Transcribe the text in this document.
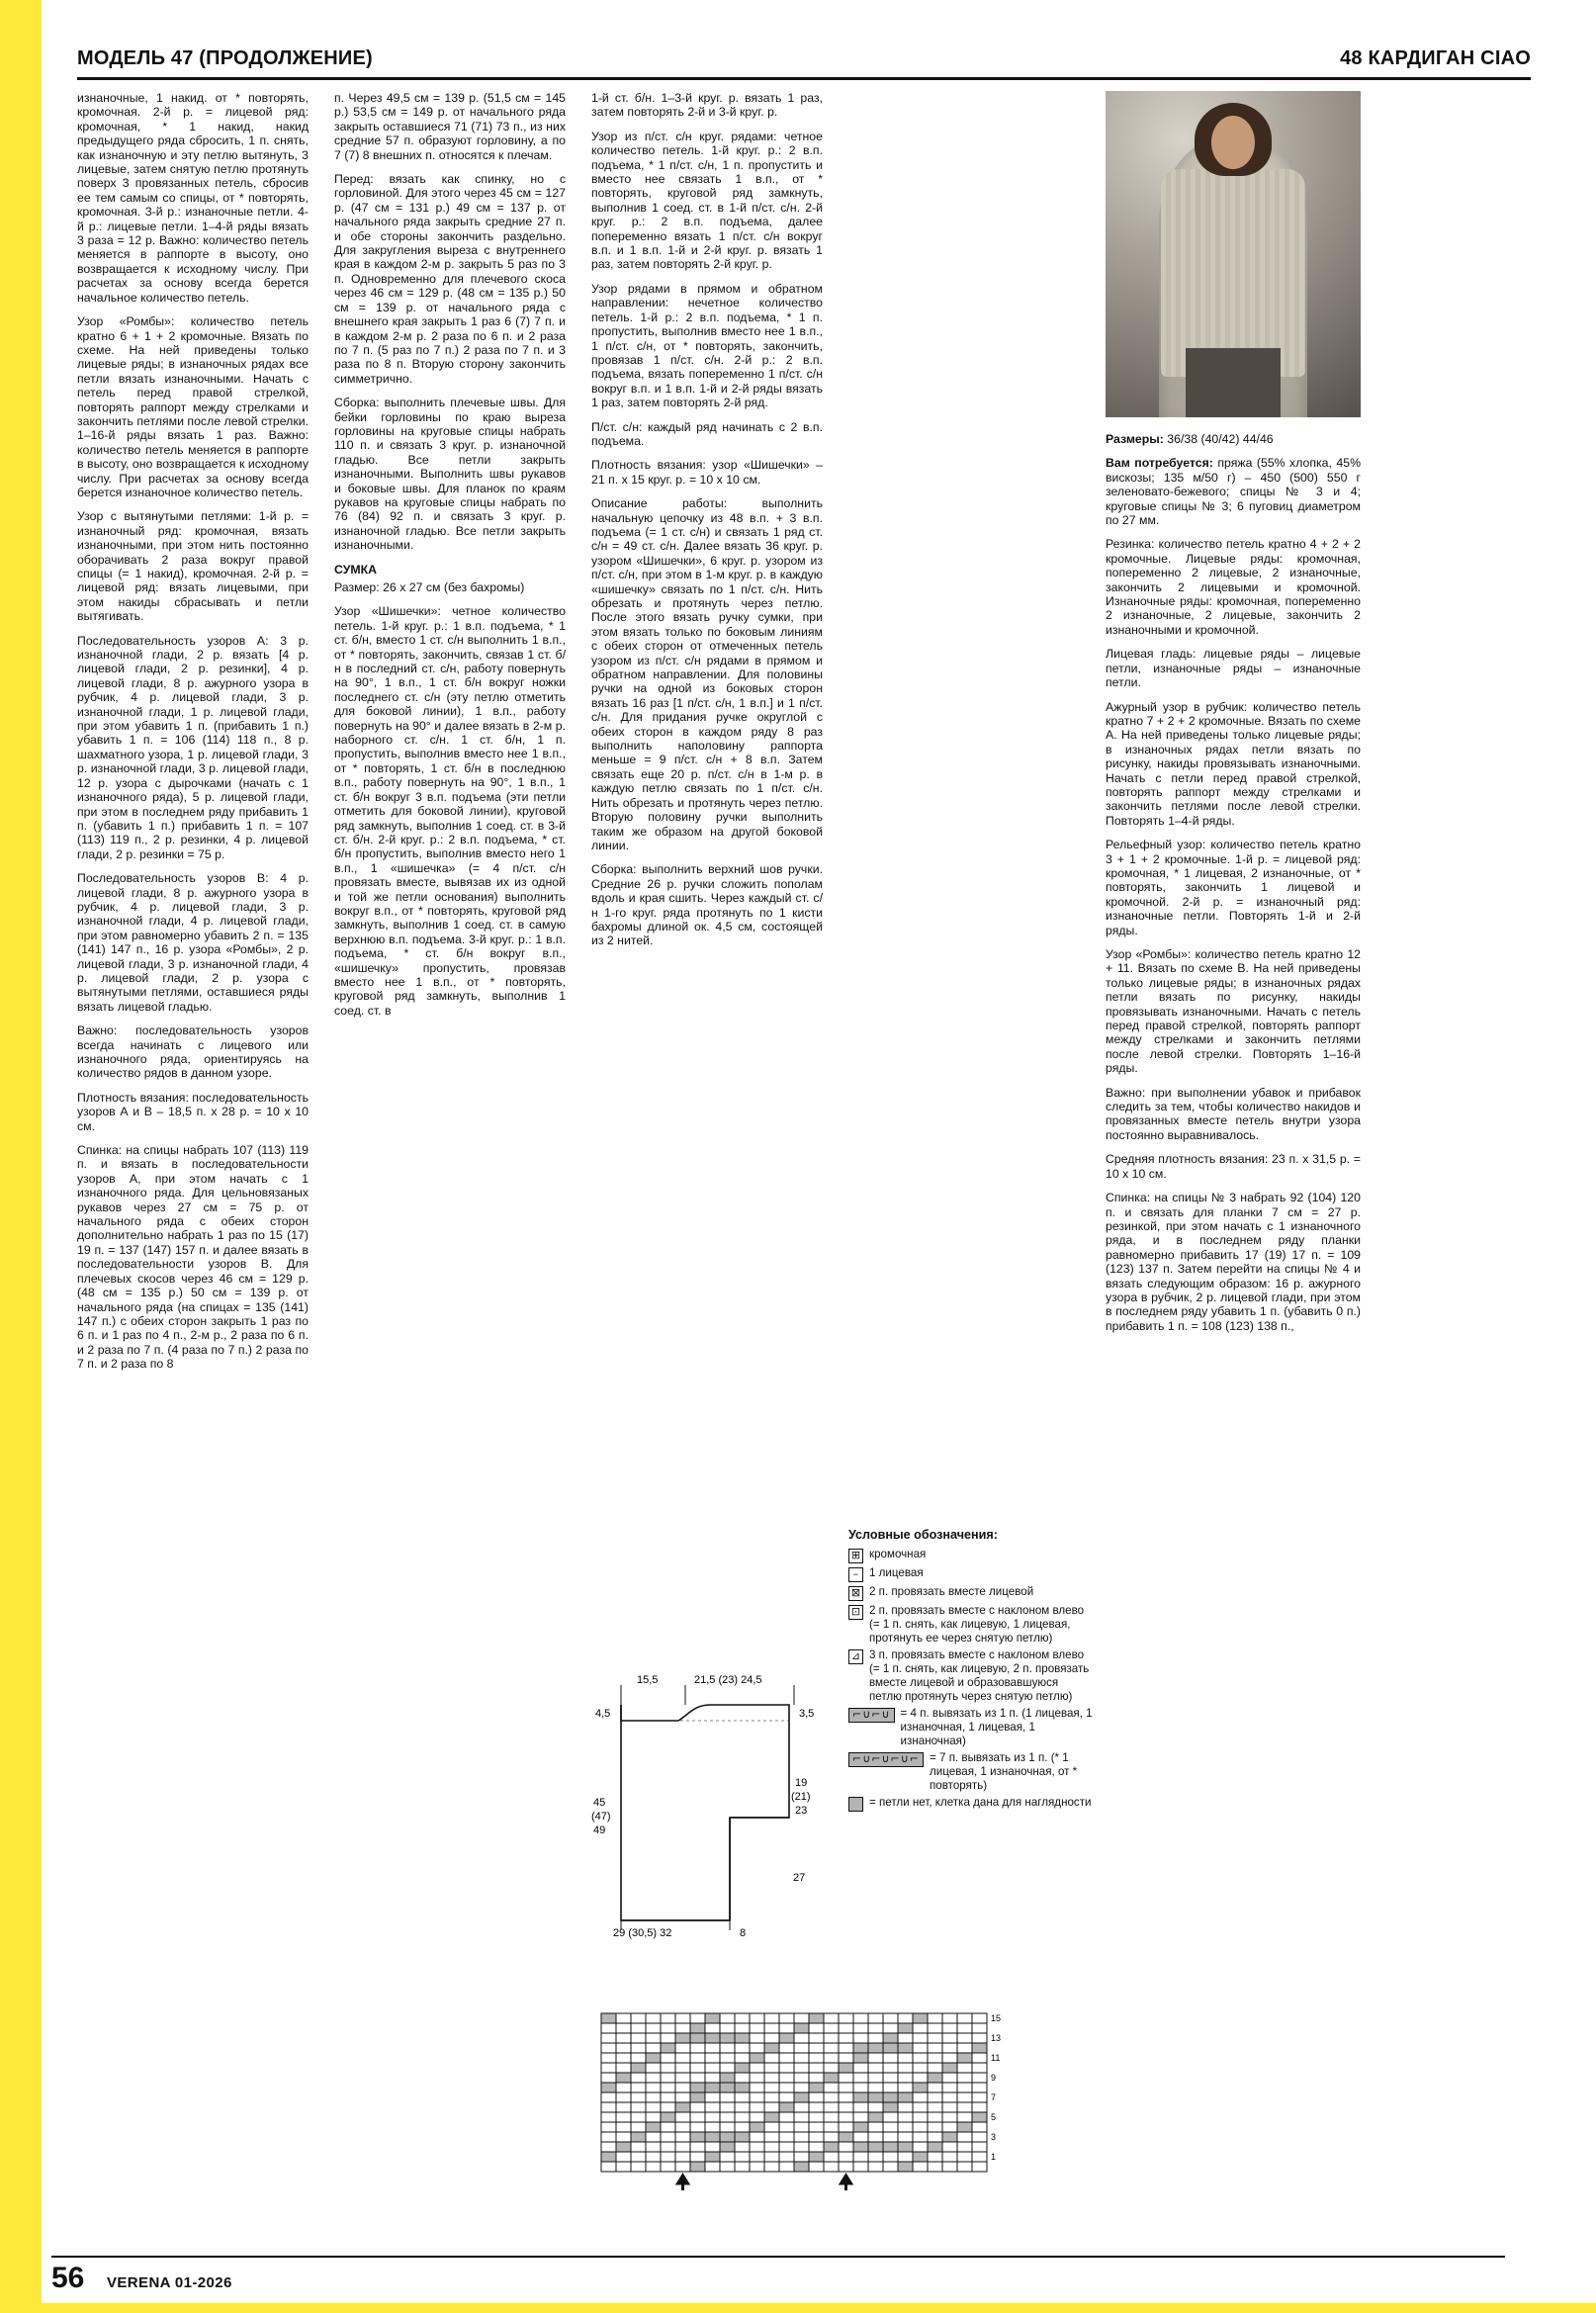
МОДЕЛЬ 47 (ПРОДОЛЖЕНИЕ)	48 КАРДИГАН CIAO

изнаночные, 1 накид. от * повторять, кромочная. 2-й р. = лицевой ряд: кромочная, * 1 накид, накид предыдущего ряда сбросить, 1 п. снять, как изнаночную и эту петлю вытянуть, 3 лицевые, затем снятую петлю протянуть поверх 3 провязанных петель, сбросив ее тем самым со спицы, от * повторять, кромочная. 3-й р.: изнаночные петли. 4-й р.: лицевые петли. 1–4-й ряды вязать 3 раза = 12 р. Важно: количество петель меняется в раппорте в высоту, оно возвращается к исходному числу. При расчетах за основу всегда берется начальное количество петель.

Узор «Ромбы»: количество петель кратно 6 + 1 + 2 кромочные. Вязать по схеме. На ней приведены только лицевые ряды; в изнаночных рядах все петли вязать изнаночными. Начать с петель перед правой стрелкой, повторять раппорт между стрелками и закончить петлями после левой стрелки. 1–16-й ряды вязать 1 раз. Важно: количество петель меняется в раппорте в высоту, оно возвращается к исходному числу. При расчетах за основу всегда берется изнаночное количество петель.

Узор с вытянутыми петлями: 1-й р. = изнаночный ряд: кромочная, вязать изнаночными, при этом нить постоянно оборачивать 2 раза вокруг правой спицы (= 1 накид), кромочная. 2-й р. = лицевой ряд: вязать лицевыми, при этом накиды сбрасывать и петли вытягивать.

Последовательность узоров А: 3 р. изнаночной глади, 2 р. вязать [4 р. лицевой глади, 2 р. резинки], 4 р. лицевой глади, 8 р. ажурного узора в рубчик, 4 р. лицевой глади, 3 р. изнаночной глади, 1 р. лицевой глади, при этом убавить 1 п. (прибавить 1 п.) убавить 1 п. = 106 (114) 118 п., 8 р. шахматного узора, 1 р. лицевой глади, 3 р. изнаночной глади, 3 р. лицевой глади, 12 р. узора с дырочками (начать с 1 изнаночного ряда), 5 р. лицевой глади, при этом в последнем ряду прибавить 1 п. (убавить 1 п.) прибавить 1 п. = 107 (113) 119 п., 2 р. резинки, 4 р. лицевой глади, 2 р. резинки = 75 р.

Последовательность узоров В: 4 р. лицевой глади, 8 р. ажурного узора в рубчик, 4 р. лицевой глади, 3 р. изнаночной глади, 4 р. лицевой глади, при этом равномерно убавить 2 п. = 135 (141) 147 п., 16 р. узора «Ромбы», 2 р. лицевой глади, 3 р. изнаночной глади, 4 р. лицевой глади, 2 р. узора с вытянутыми петлями, оставшиеся ряды вязать лицевой гладью.

Важно: последовательность узоров всегда начинать с лицевого или изнаночного ряда, ориентируясь на количество рядов в данном узоре.

Плотность вязания: последовательность узоров А и В – 18,5 п. х 28 р. = 10 х 10 см.

Спинка: на спицы набрать 107 (113) 119 п. и вязать в последовательности узоров А, при этом начать с 1 изнаночного ряда. Для цельновязаных рукавов через 27 см = 75 р. от начального ряда с обеих сторон дополнительно набрать 1 раз по 15 (17) 19 п. = 137 (147) 157 п. и далее вязать в последовательности узоров В. Для плечевых скосов через 46 см = 129 р. (48 см = 135 р.) 50 см = 139 р. от начального ряда (на спицах = 135 (141) 147 п.) с обеих сторон закрыть 1 раз по 6 п. и 1 раз по 4 п., 2-м р., 2 раза по 6 п. и 2 раза по 7 п. (4 раза по 7 п.) 2 раза по 7 п. и 2 раза по 8

п. Через 49,5 см = 139 р. (51,5 см = 145 р.) 53,5 см = 149 р. от начального ряда закрыть оставшиеся 71 (71) 73 п., из них средние 57 п. образуют горловину, а по 7 (7) 8 внешних п. относятся к плечам.

Перед: вязать как спинку, но с горловиной. Для этого через 45 см = 127 р. (47 см = 131 р.) 49 см = 137 р. от начального ряда закрыть средние 27 п. и обе стороны закончить раздельно. Для закругления выреза с внутреннего края в каждом 2-м р. закрыть 5 раз по 3 п. Одновременно для плечевого скоса через 46 см = 129 р. (48 см = 135 р.) 50 см = 139 р. от начального ряда с внешнего края закрыть 1 раз 6 (7) 7 п. и в каждом 2-м р. 2 раза по 6 п. и 2 раза по 7 п. (5 раз по 7 п.) 2 раза по 7 п. и 3 раза по 8 п. Вторую сторону закончить симметрично.

Сборка: выполнить плечевые швы. Для бейки горловины по краю выреза горловины на круговые спицы набрать 110 п. и связать 3 круг. р. изнаночной гладью. Все петли закрыть изнаночными. Выполнить швы рукавов и боковые швы. Для планок по краям рукавов на круговые спицы набрать по 76 (84) 92 п. и связать 3 круг. р. изнаночной гладью. Все петли закрыть изнаночными.

СУМКА

Размер: 26 х 27 см (без бахромы)

Узор «Шишечки»: четное количество петель. 1-й круг. р.: 1 в.п. подъема, * 1 ст. б/н, вместо 1 ст. с/н выполнить 1 в.п., от * повторять, закончить, связав 1 ст. б/н в последний ст. с/н, работу повернуть на 90°, 1 в.п., 1 ст. б/н вокруг ножки последнего ст. с/н (эту петлю отметить для боковой линии), 1 в.п., работу повернуть на 90° и далее вязать в 2-м р. наборного ст. с/н. 1 ст. б/н, 1 п. пропустить, выполнив вместо нее 1 в.п., от * повторять, 1 ст. б/н в последнюю в.п., работу повернуть на 90°, 1 в.п., 1 ст. б/н вокруг 3 в.п. подъема (эти петли отметить для боковой линии), круговой ряд замкнуть, выполнив 1 соед. ст. в 3-й ст. б/н. 2-й круг. р.: 2 в.п. подъема, * ст. б/н пропустить, выполнив вместо него 1 в.п., 1 «шишечка» (= 4 п/ст. с/н провязать вместе, вывязав их из одной и той же петли основания) выполнить вокруг в.п., от * повторять, круговой ряд замкнуть, выполнив 1 соед. ст. в самую верхнюю в.п. подъема. 3-й круг. р.: 1 в.п. подъема, * ст. б/н вокруг в.п., «шишечку» пропустить, провязав вместо нее 1 в.п., от * повторять, круговой ряд замкнуть, выполнив 1 соед. ст. в

1-й ст. б/н. 1–3-й круг. р. вязать 1 раз, затем повторять 2-й и 3-й круг. р.

Узор из п/ст. с/н круг. рядами: четное количество петель. 1-й круг. р.: 2 в.п. подъема, * 1 п/ст. с/н, 1 п. пропустить и вместо нее связать 1 в.п., от * повторять, круговой ряд замкнуть, выполнив 1 соед. ст. в 1-й п/ст. с/н. 2-й круг. р.: 2 в.п. подъема, далее попеременно вязать 1 п/ст. с/н вокруг в.п. и 1 в.п. 1-й и 2-й круг. р. вязать 1 раз, затем повторять 2-й круг. р.

Узор рядами в прямом и обратном направлении: нечетное количество петель. 1-й р.: 2 в.п. подъема, * 1 п. пропустить, выполнив вместо нее 1 в.п., 1 п/ст. с/н, от * повторять, закончить, провязав 1 п/ст. с/н. 2-й р.: 2 в.п. подъема, вязать попеременно 1 п/ст. с/н вокруг в.п. и 1 в.п. 1-й и 2-й ряды вязать 1 раз, затем повторять 2-й ряд.

П/ст. с/н: каждый ряд начинать с 2 в.п. подъема.

Плотность вязания: узор «Шишечки» – 21 п. х 15 круг. р. = 10 х 10 см.

Описание работы: выполнить начальную цепочку из 48 в.п. + 3 в.п. подъема (= 1 ст. с/н) и связать 1 ряд ст. с/н = 49 ст. с/н. Далее вязать 36 круг. р. узором «Шишечки», 6 круг. р. узором из п/ст. с/н, при этом в 1-м круг. р. в каждую «шишечку» связать по 1 п/ст. с/н. Нить обрезать и протянуть через петлю. После этого вязать ручку сумки, при этом вязать только по боковым линиям с обеих сторон от отмеченных петель узором из п/ст. с/н рядами в прямом и обратном направлении. Для половины ручки на одной из боковых сторон вязать 16 раз [1 п/ст. с/н, 1 в.п.] и 1 п/ст. с/н. Для придания ручке округлой с обеих сторон в каждом ряду 8 раз выполнить наполовину раппорта меньше = 9 п/ст. с/н + 8 в.п. Затем связать еще 20 р. п/ст. с/н в 1-м р. в каждую петлю связать по 1 п/ст. с/н. Нить обрезать и протянуть через петлю. Вторую половину ручки выполнить таким же образом на другой боковой линии.

Сборка: выполнить верхний шов ручки. Средние 26 р. ручки сложить пополам вдоль и края сшить. Через каждый ст. с/н 1-го круг. ряда протянуть по 1 кисти бахромы длиной ок. 4,5 см, состоящей из 2 нитей.

Размеры: 36/38 (40/42) 44/46

Вам потребуется: пряжа (55% хлопка, 45% вискозы; 135 м/50 г) – 450 (500) 550 г зеленовато-бежевого; спицы № 3 и 4; круговые спицы № 3; 6 пуговиц диаметром по 27 мм.

Резинка: количество петель кратно 4 + 2 + 2 кромочные. Лицевые ряды: кромочная, попеременно 2 лицевые, 2 изнаночные, закончить 2 лицевыми и кромочной. Изнаночные ряды: кромочная, попеременно 2 изнаночные, 2 лицевые, закончить 2 изнаночными и кромочной.

Лицевая гладь: лицевые ряды – лицевые петли, изнаночные ряды – изнаночные петли.

Ажурный узор в рубчик: количество петель кратно 7 + 2 + 2 кромочные. Вязать по схеме А. На ней приведены только лицевые ряды; в изнаночных рядах петли вязать по рисунку, накиды провязывать изнаночными. Начать с петли перед правой стрелкой, повторять раппорт между стрелками и закончить петлями после левой стрелки. Повторять 1–4-й ряды.

Рельефный узор: количество петель кратно 3 + 1 + 2 кромочные. 1-й р. = лицевой ряд: кромочная, * 1 лицевая, 2 изнаночные, от * повторять, закончить 1 лицевой и кромочной. 2-й р. = изнаночный ряд: изнаночные петли. Повторять 1-й и 2-й ряды.

Узор «Ромбы»: количество петель кратно 12 + 11. Вязать по схеме В. На ней приведены только лицевые ряды; в изнаночных рядах петли вязать по рисунку, накиды провязывать изнаночными. Начать с петель перед правой стрелкой, повторять раппорт между стрелками и закончить петлями после левой стрелки. Повторять 1–16-й ряды.

Важно: при выполнении убавок и прибавок следить за тем, чтобы количество накидов и провязанных вместе петель внутри узора постоянно выравнивалось.

Средняя плотность вязания: 23 п. х 31,5 р. = 10 х 10 см.

Спинка: на спицы № 3 набрать 92 (104) 120 п. и связать для планки 7 см = 27 р. резинкой, при этом начать с 1 изнаночного ряда, и в последнем ряду планки равномерно прибавить 17 (19) 17 п. = 109 (123) 137 п. Затем перейти на спицы № 4 и вязать следующим образом: 16 р. ажурного узора в рубчик, 2 р. лицевой глади, при этом в последнем ряду убавить 1 п. (убавить 0 п.) прибавить 1 п. = 108 (123) 138 п.,

Условные обозначения:
⊞ кромочная
– 1 лицевая
⊠ 2 п. провязать вместе лицевой
⊡ 2 п. провязать вместе с наклоном влево (= 1 п. снять, как лицевую, 1 лицевая, протянуть ее через снятую петлю)
⊿ 3 п. провязать вместе с наклоном влево (= 1 п. снять, как лицевую, 2 п. провязать вместе лицевой и образовавшуюся петлю протянуть через снятую петлю)
⌐∪⌐∪ = 4 п. вывязать из 1 п. (1 лицевая, 1 изнаночная, 1 лицевая, 1 изнаночная)
⌐∪⌐∪⌐∪⌐ = 7 п. вывязать из 1 п. (* 1 лицевая, 1 изнаночная, от * повторять)
= петли нет, клетка дана для наглядности
15,5	21,5 (23) 24,5
4,5	3,5
19
(21)
23
45
(47)
49
27
29 (30,5) 32	8
15
13
11
9
7
5
3
1
56 VERENA 01-2026
